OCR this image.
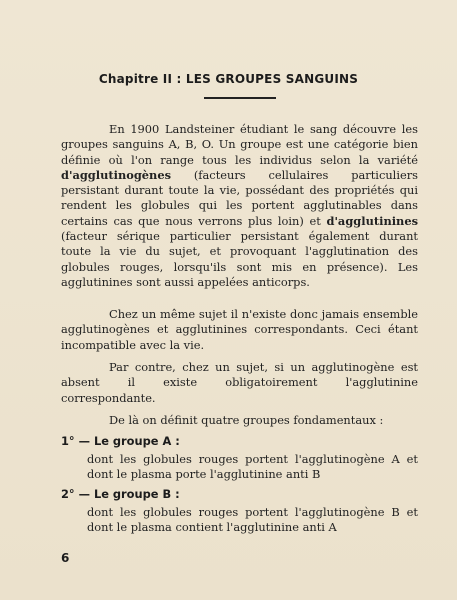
Chapitre II : LES GROUPES SANGUINS

En 1900 Landsteiner étudiant le sang découvre les groupes sanguins A, B, O. Un groupe est une catégorie bien définie où l'on range tous les individus selon la variété d'agglutinogènes (facteurs cellulaires particuliers persistant durant toute la vie, possédant des propriétés qui rendent les globules qui les portent agglutinables dans certains cas que nous verrons plus loin) et d'agglutinines (facteur sérique particulier persistant également durant toute la vie du sujet, et provoquant l'agglutination des globules rouges, lorsqu'ils sont mis en présence). Les agglutinines sont aussi appelées anticorps.

Chez un même sujet il n'existe donc jamais ensemble agglutinogènes et agglutinines correspondants. Ceci étant incompatible avec la vie.

Par contre, chez un sujet, si un agglutinogène est absent il existe obligatoirement l'agglutinine correspondante.

De là on définit quatre groupes fondamentaux :

1° — Le groupe A :

dont les globules rouges portent l'agglutinogène A et dont le plasma porte l'agglutinine anti B

2° — Le groupe B :

dont les globules rouges portent l'agglutinogène B et dont le plasma contient l'agglutinine anti A

6
